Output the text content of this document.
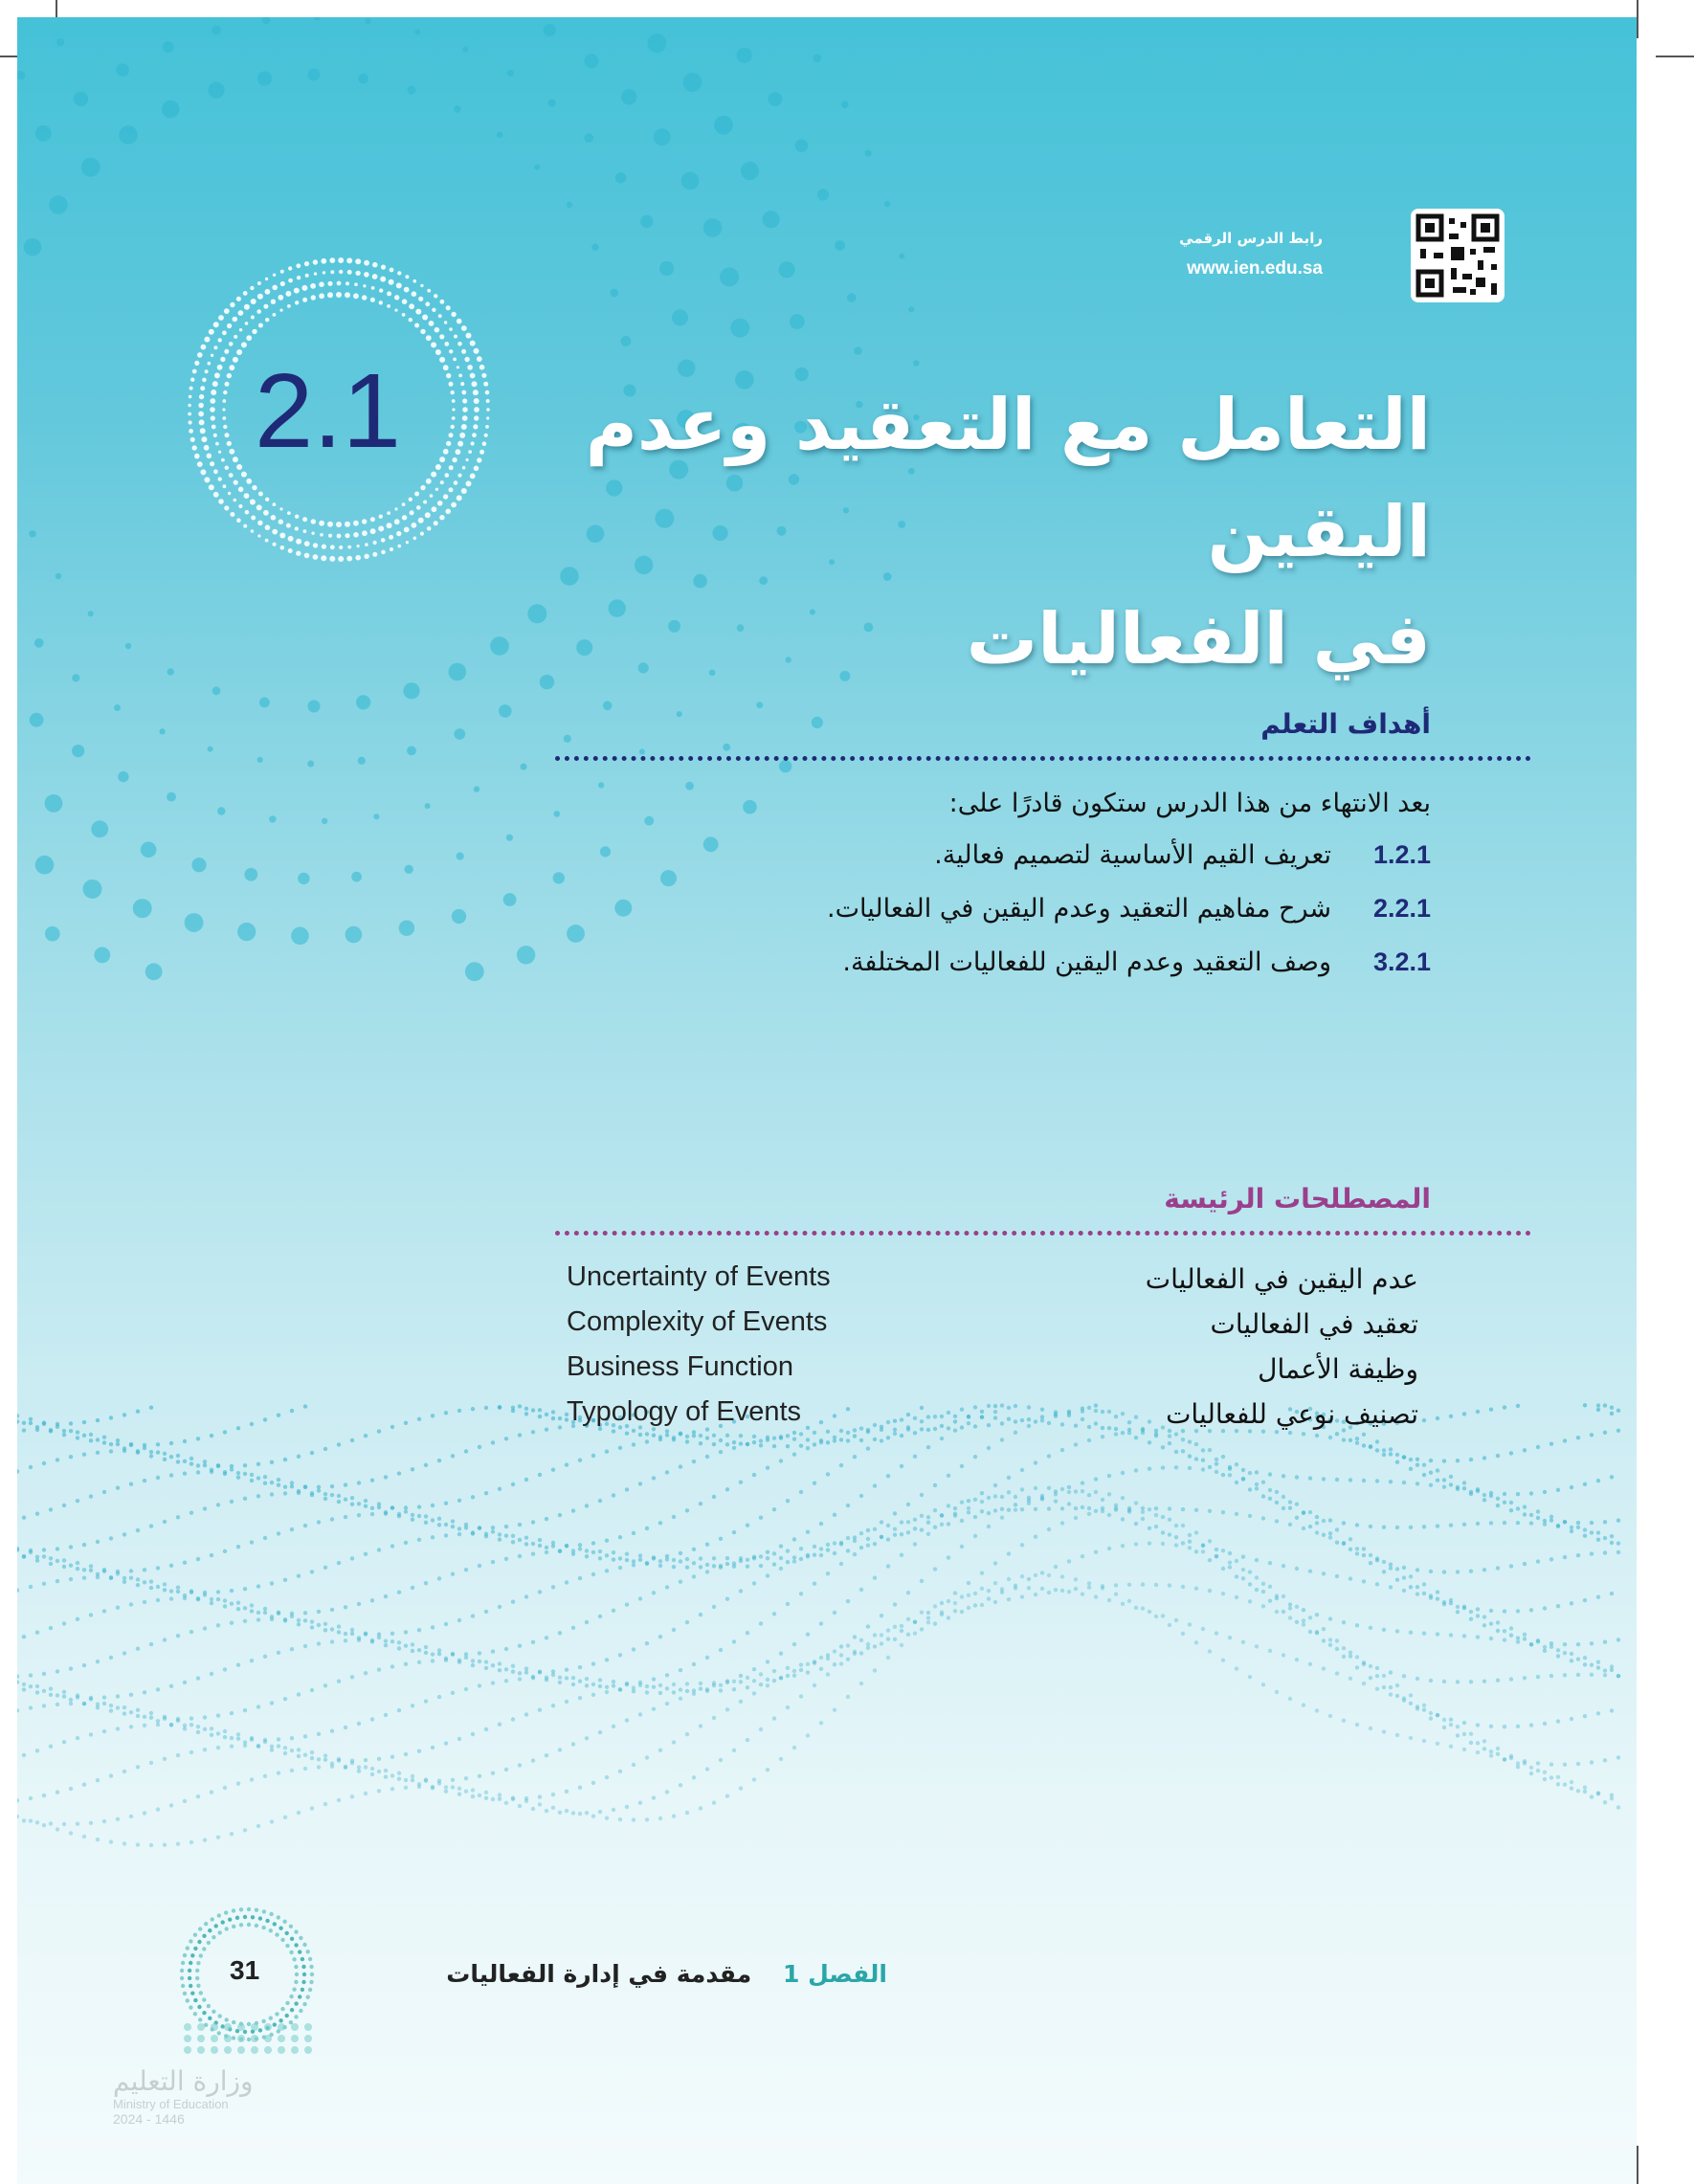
رابط الدرس الرقمي
www.ien.edu.sa
2.1	التعامل مع التعقيد وعدم اليقين
في الفعاليات
أهداف التعلم
بعد الانتهاء من هذا الدرس ستكون قادرًا على:
1.2.1
تعريف القيم الأساسية لتصميم فعالية.
2.2.1
شرح مفاهيم التعقيد وعدم اليقين في الفعاليات.
3.2.1
وصف التعقيد وعدم اليقين للفعاليات المختلفة.
المصطلحات الرئيسة
عدم اليقين في الفعاليات
Uncertainty of Events
تعقيد في الفعاليات
Complexity of Events
وظيفة الأعمال
Business Function
تصنيف نوعي للفعاليات
Typology of Events
الفصل 1 مقدمة في إدارة الفعاليات
31
وزارة التعليم
Ministry of Education
2024 - 1446
